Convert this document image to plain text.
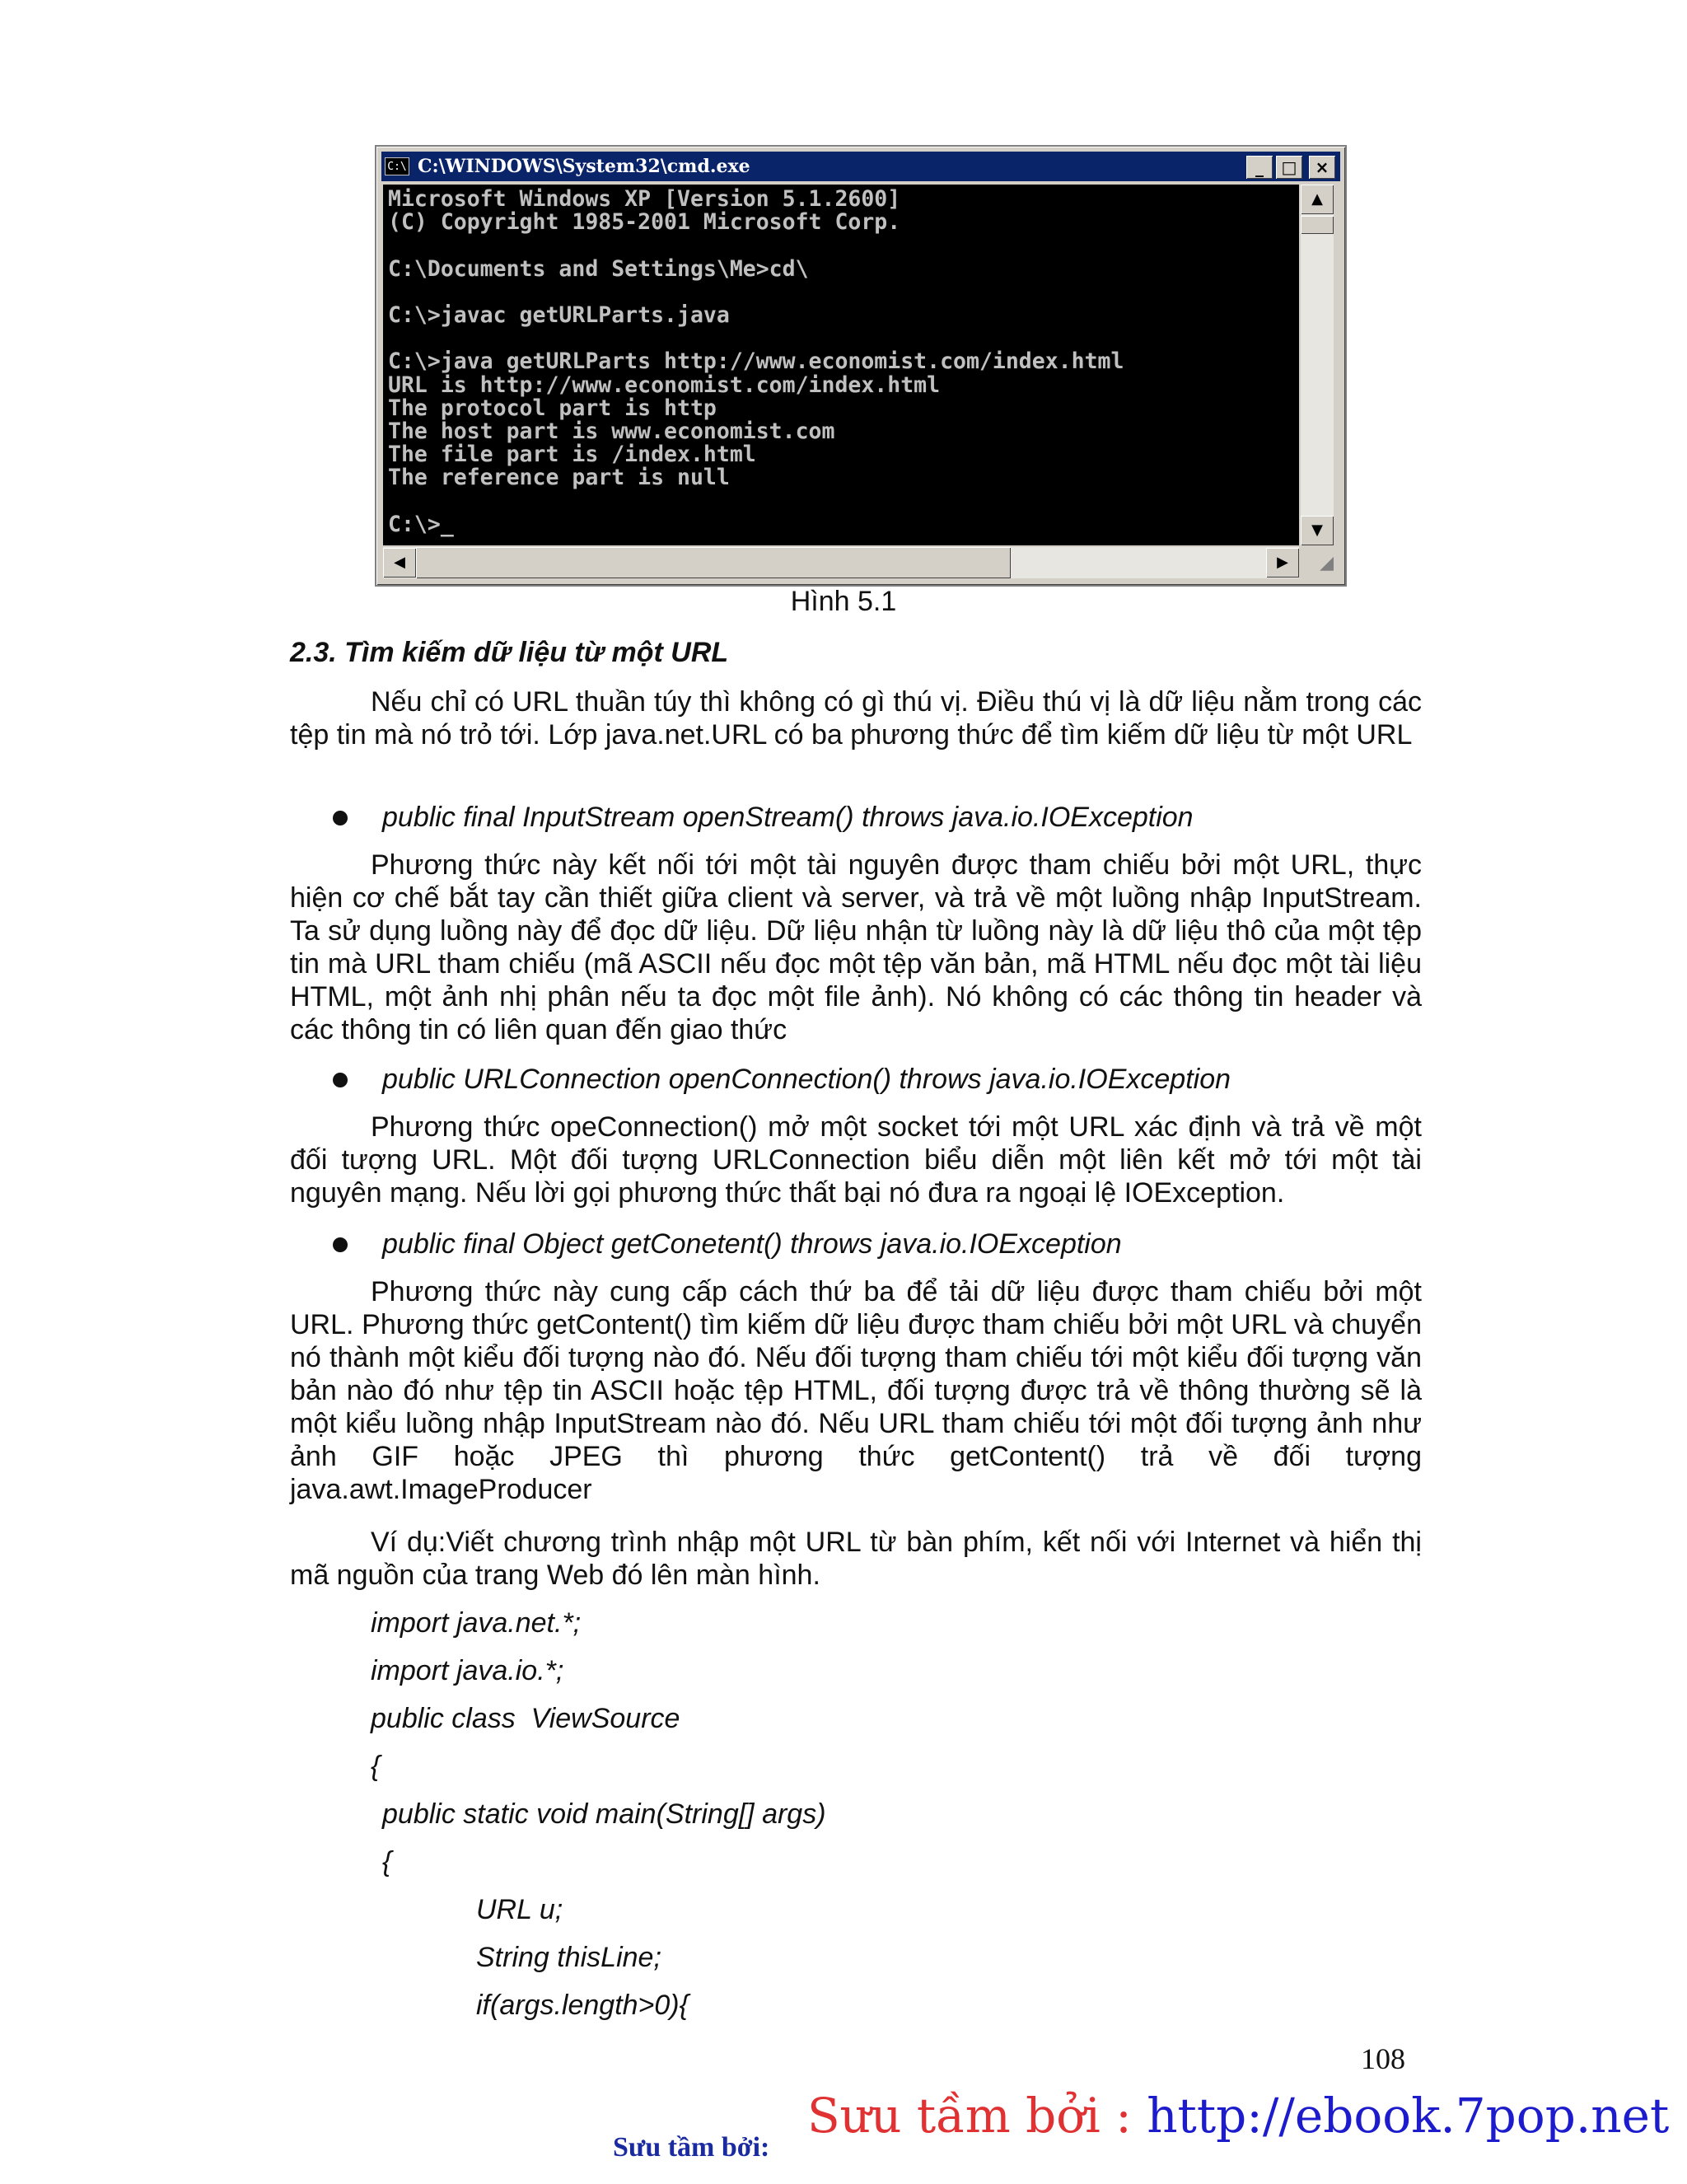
C:\ C:\WINDOWS\System32\cmd.exe	_	□	×
Microsoft Windows XP [Version 5.1.2600]
(C) Copyright 1985-2001 Microsoft Corp.
C:\Documents and Settings\Me>cd\
C:\>javac getURLParts.java
C:\>java getURLParts http://www.economist.com/index.html
URL is http://www.economist.com/index.html
The protocol part is http
The host part is www.economist.com
The file part is /index.html
The reference part is null
C:\>_
▲
▼
◀	▶	◢

Hình 5.1

2.3. Tìm kiếm dữ liệu từ một URL

Nếu chỉ có URL thuần túy thì không có gì thú vị. Điều thú vị là dữ liệu nằm trong các tệp tin mà nó trỏ tới. Lớp java.net.URL có ba phương thức để tìm kiếm dữ liệu từ một URL

public final InputStream openStream() throws java.io.IOException

Phương thức này kết nối tới một tài nguyên được tham chiếu bởi một URL, thực hiện cơ chế bắt tay cần thiết giữa client và server, và trả về một luồng nhập InputStream. Ta sử dụng luồng này để đọc dữ liệu. Dữ liệu nhận từ luồng này là dữ liệu thô của một tệp tin mà URL tham chiếu (mã ASCII nếu đọc một tệp văn bản, mã HTML nếu đọc một tài liệu HTML, một ảnh nhị phân nếu ta đọc một file ảnh). Nó không có các thông tin header và các thông tin có liên quan đến giao thức

public URLConnection openConnection() throws java.io.IOException

Phương thức opeConnection() mở một socket tới một URL xác định và trả về một đối tượng URL. Một đối tượng URLConnection biểu diễn một liên kết mở tới một tài nguyên mạng. Nếu lời gọi phương thức thất bại nó đưa ra ngoại lệ IOException.

public final Object getConetent() throws java.io.IOException

Phương thức này cung cấp cách thứ ba để tải dữ liệu được tham chiếu bởi một URL. Phương thức getContent() tìm kiếm dữ liệu được tham chiếu bởi một URL và chuyển nó thành một kiểu đối tượng nào đó. Nếu đối tượng tham chiếu tới một kiểu đối tượng văn bản nào đó như tệp tin ASCII hoặc tệp HTML, đối tượng được trả về thông thường sẽ là một kiểu luồng nhập InputStream nào đó. Nếu URL tham chiếu tới một đối tượng ảnh như ảnh GIF hoặc JPEG thì phương thức getContent() trả về đối tượng java.awt.ImageProducer

Ví dụ:Viết chương trình nhập một URL từ bàn phím, kết nối với Internet và hiển thị mã nguồn của trang Web đó lên màn hình.

import java.net.*;

import java.io.*;

public class  ViewSource

{

public static void main(String[] args)

{

URL u;

String thisLine;

if(args.length>0){

108
Sưu tầm bởi : http://ebook.7pop.net
Sưu tầm bởi:
